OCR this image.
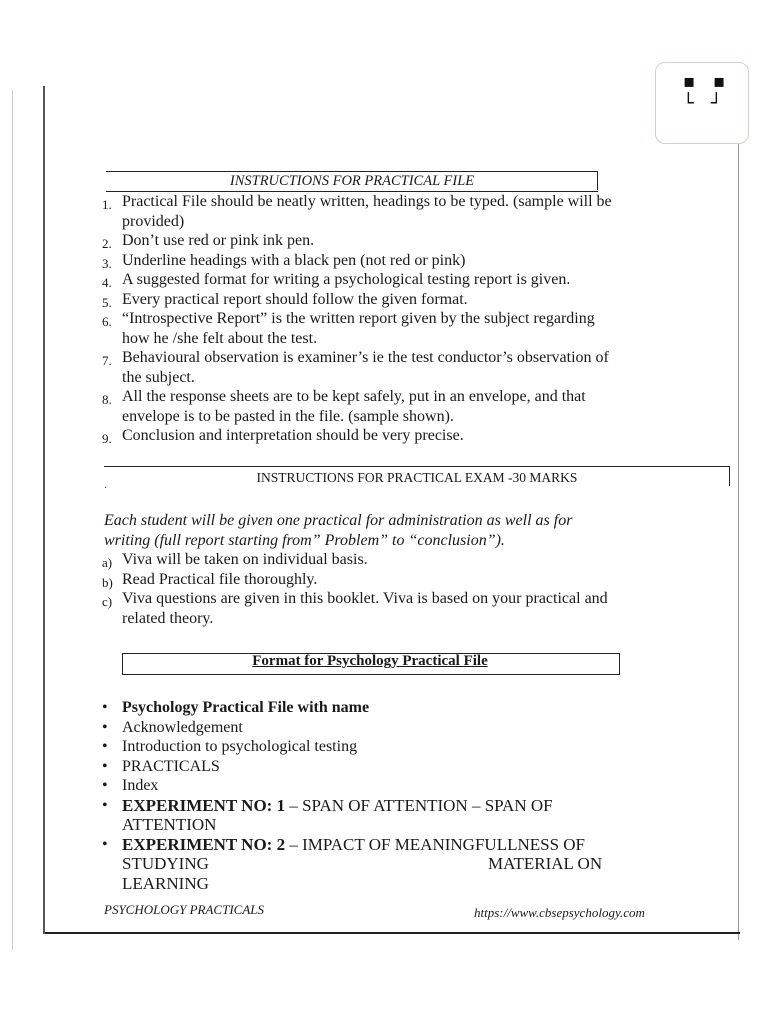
▪ ▪
└ ┘
INSTRUCTIONS FOR PRACTICAL FILE
1. Practical File should be neatly written, headings to be typed. (sample will be
provided)
2. Don’t use red or pink ink pen.
3. Underline headings with a black pen (not red or pink)
4. A suggested format for writing a psychological testing report is given.
5. Every practical report should follow the given format.
6. “Introspective Report” is the written report given by the subject regarding
how he /she felt about the test.
7. Behavioural observation is examiner’s ie the test conductor’s observation of
the subject.
8. All the response sheets are to be kept safely, put in an envelope, and that
envelope is to be pasted in the file. (sample shown).
9. Conclusion and interpretation should be very precise.
INSTRUCTIONS FOR PRACTICAL EXAM -30 MARKS
·
Each student will be given one practical for administration as well as for
writing (full report starting from” Problem” to “conclusion”).
a) Viva will be taken on individual basis.
b) Read Practical file thoroughly.
c) Viva questions are given in this booklet. Viva is based on your practical and
related theory.
Format for Psychology Practical File
• Psychology Practical File with name
• Acknowledgement
• Introduction to psychological testing
• PRACTICALS
• Index
• EXPERIMENT NO: 1 – SPAN OF ATTENTION – SPAN OF
ATTENTION
• EXPERIMENT NO: 2 – IMPACT OF MEANINGFULLNESS OF
STUDYING	MATERIAL ON

LEARNING
PSYCHOLOGY PRACTICALS	https://www.cbsepsychology.com
